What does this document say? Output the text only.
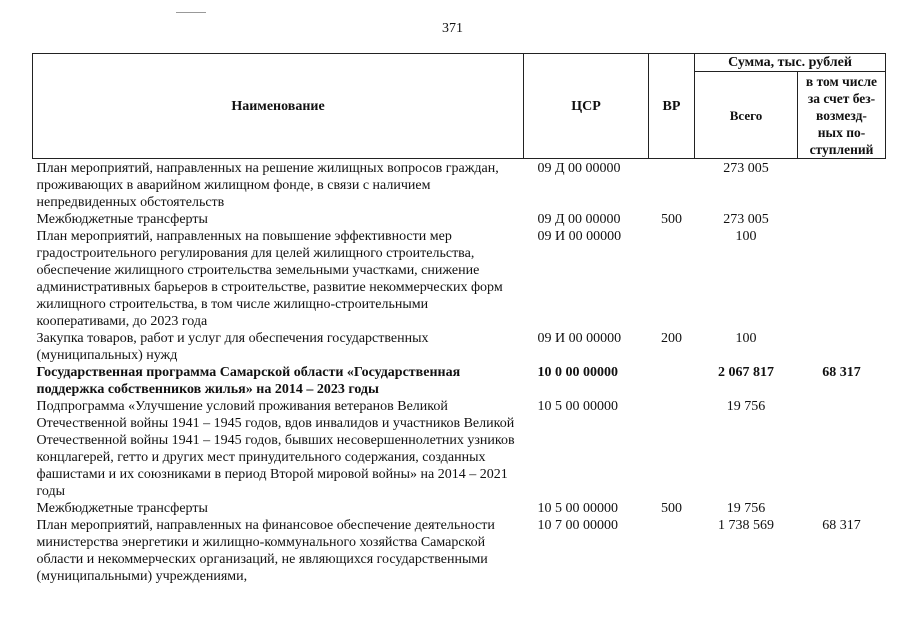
371
Наименование	ЦСР	ВР	Сумма, тыс. рублей	
			Всего	в том числе
за счет без-
возмезд-
ных по-
ступлений

План мероприятий, направленных на решение жилищных вопросов граждан, проживающих в аварийном жилищном фонде, в связи с наличием непредвиденных обстоятельств	09 Д 00 00000		273 005	
Межбюджетные трансферты	09 Д 00 00000	500	273 005	
План мероприятий, направленных на повышение эффективности мер градостроительного регулирования для целей жилищного строительства, обеспечение жилищного строительства земельными участками, снижение административных барьеров в строительстве, развитие некоммерческих форм жилищного строительства, в том числе жилищно-строительными кооперативами, до 2023 года	09 И 00 00000		100	
Закупка товаров, работ и услуг для обеспечения государственных (муниципальных) нужд	09 И 00 00000	200	100	
Государственная программа Самарской области «Государственная поддержка собственников жилья» на 2014 – 2023 годы	10 0 00 00000		2 067 817	68 317
Подпрограмма «Улучшение условий проживания ветеранов Великой Отечественной войны 1941 – 1945 годов, вдов инвалидов и участников Великой Отечественной войны 1941 – 1945 годов, бывших несовершеннолетних узников концлагерей, гетто и других мест принудительного содержания, созданных фашистами и их союзниками в период Второй мировой войны» на 2014 – 2021 годы	10 5 00 00000		19 756	
Межбюджетные трансферты	10 5 00 00000	500	19 756	
План мероприятий, направленных на финансовое обеспечение деятельности министерства энергетики и жилищно-коммунального хозяйства Самарской области и некоммерческих организаций, не являющихся государственными (муниципальными) учреждениями,	10 7 00 00000		1 738 569	68 317
